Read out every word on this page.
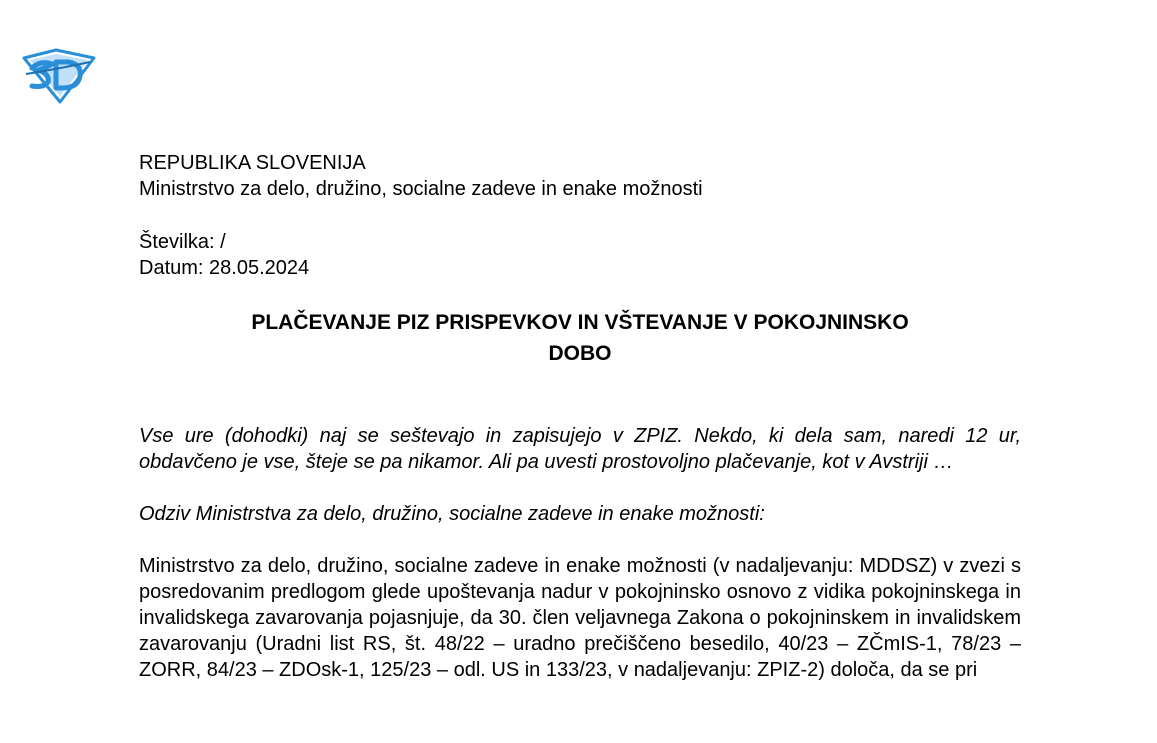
REPUBLIKA SLOVENIJA
Ministrstvo za delo, družino, socialne zadeve in enake možnosti
Številka: /
Datum: 28.05.2024
PLAČEVANJE PIZ PRISPEVKOV IN VŠTEVANJE V POKOJNINSKO
DOBO
Vse ure (dohodki) naj se seštevajo in zapisujejo v ZPIZ. Nekdo, ki dela sam, naredi 12 ur, obdavčeno je vse, šteje se pa nikamor. Ali pa uvesti prostovoljno plačevanje, kot v Avstriji …
Odziv Ministrstva za delo, družino, socialne zadeve in enake možnosti:
Ministrstvo za delo, družino, socialne zadeve in enake možnosti (v nadaljevanju: MDDSZ) v zvezi s posredovanim predlogom glede upoštevanja nadur v pokojninsko osnovo z vidika pokojninskega in invalidskega zavarovanja pojasnjuje, da 30. člen veljavnega Zakona o pokojninskem in invalidskem zavarovanju (Uradni list RS, št. 48/22 – uradno prečiščeno besedilo, 40/23 – ZČmIS-1, 78/23 – ZORR, 84/23 – ZDOsk-1, 125/23 – odl. US in 133/23, v nadaljevanju: ZPIZ-2) določa, da se pri
